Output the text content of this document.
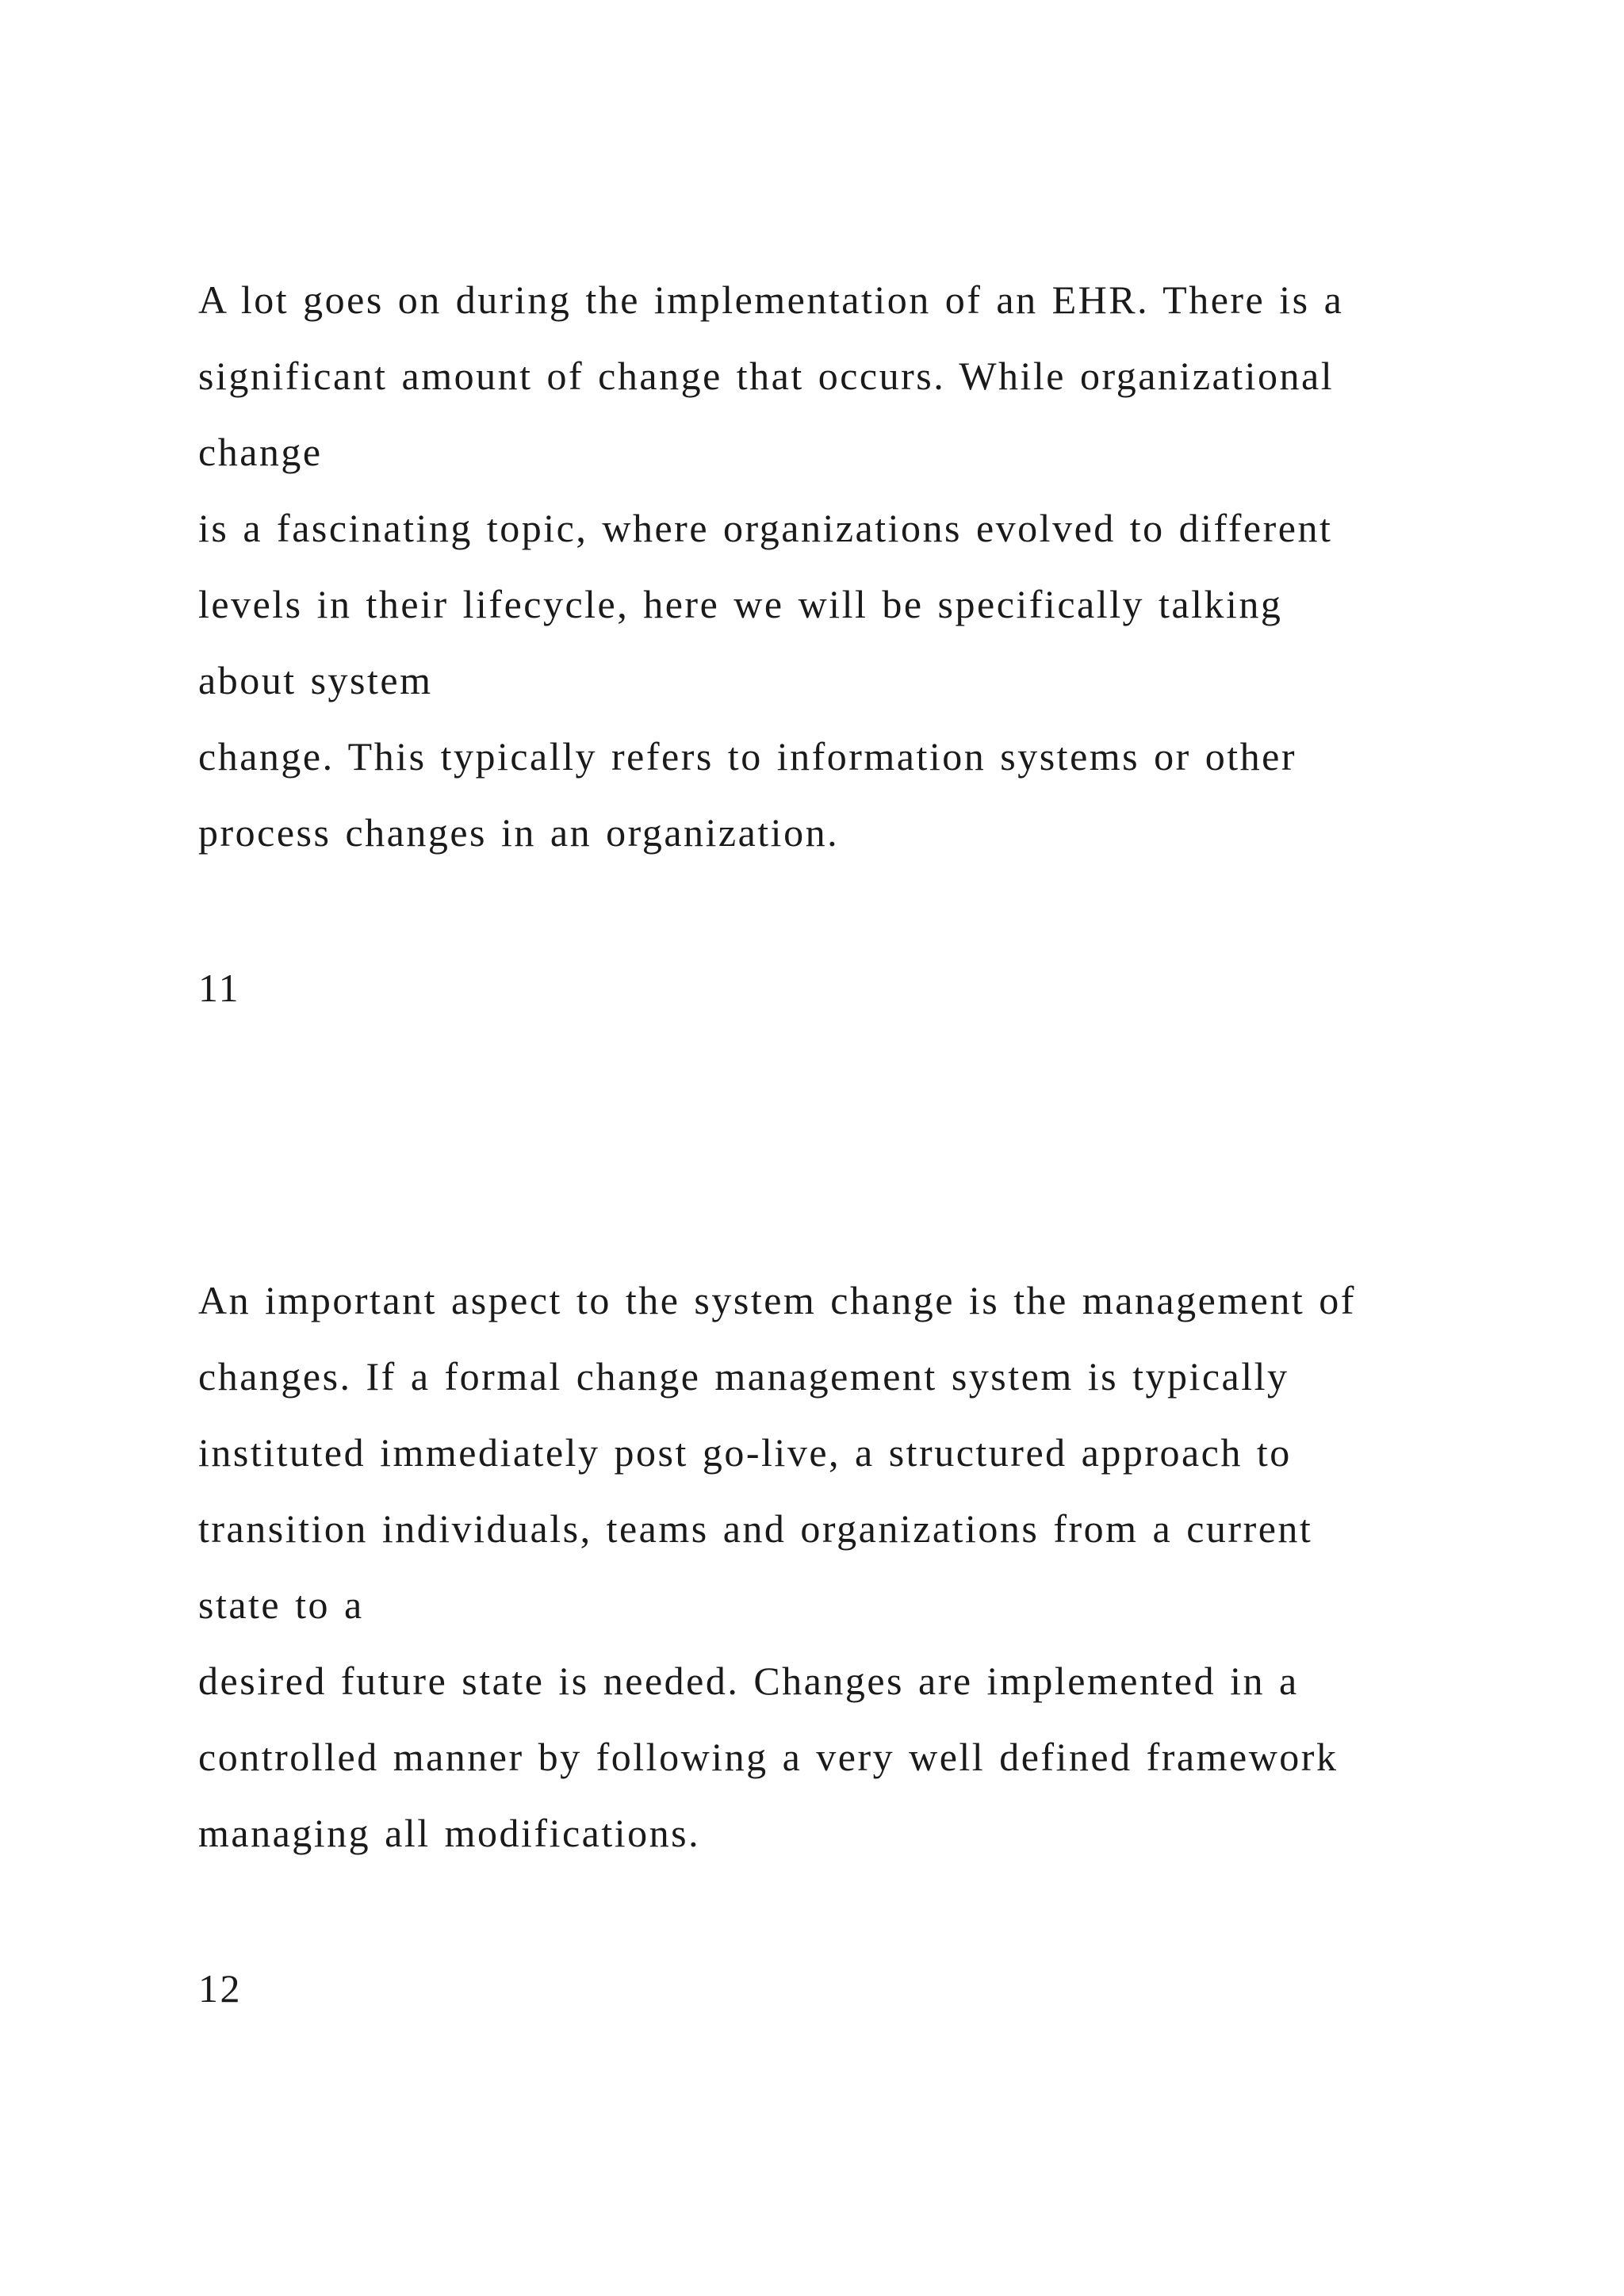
A lot goes on during the implementation of an EHR. There is a
significant amount of change that occurs. While organizational
change
is a fascinating topic, where organizations evolved to different
levels in their lifecycle, here we will be specifically talking
about system
change. This typically refers to information systems or other
process changes in an organization.
11
An important aspect to the system change is the management of
changes. If a formal change management system is typically
instituted immediately post go-live, a structured approach to
transition individuals, teams and organizations from a current
state to a
desired future state is needed. Changes are implemented in a
controlled manner by following a very well defined framework
managing all modifications.
12
